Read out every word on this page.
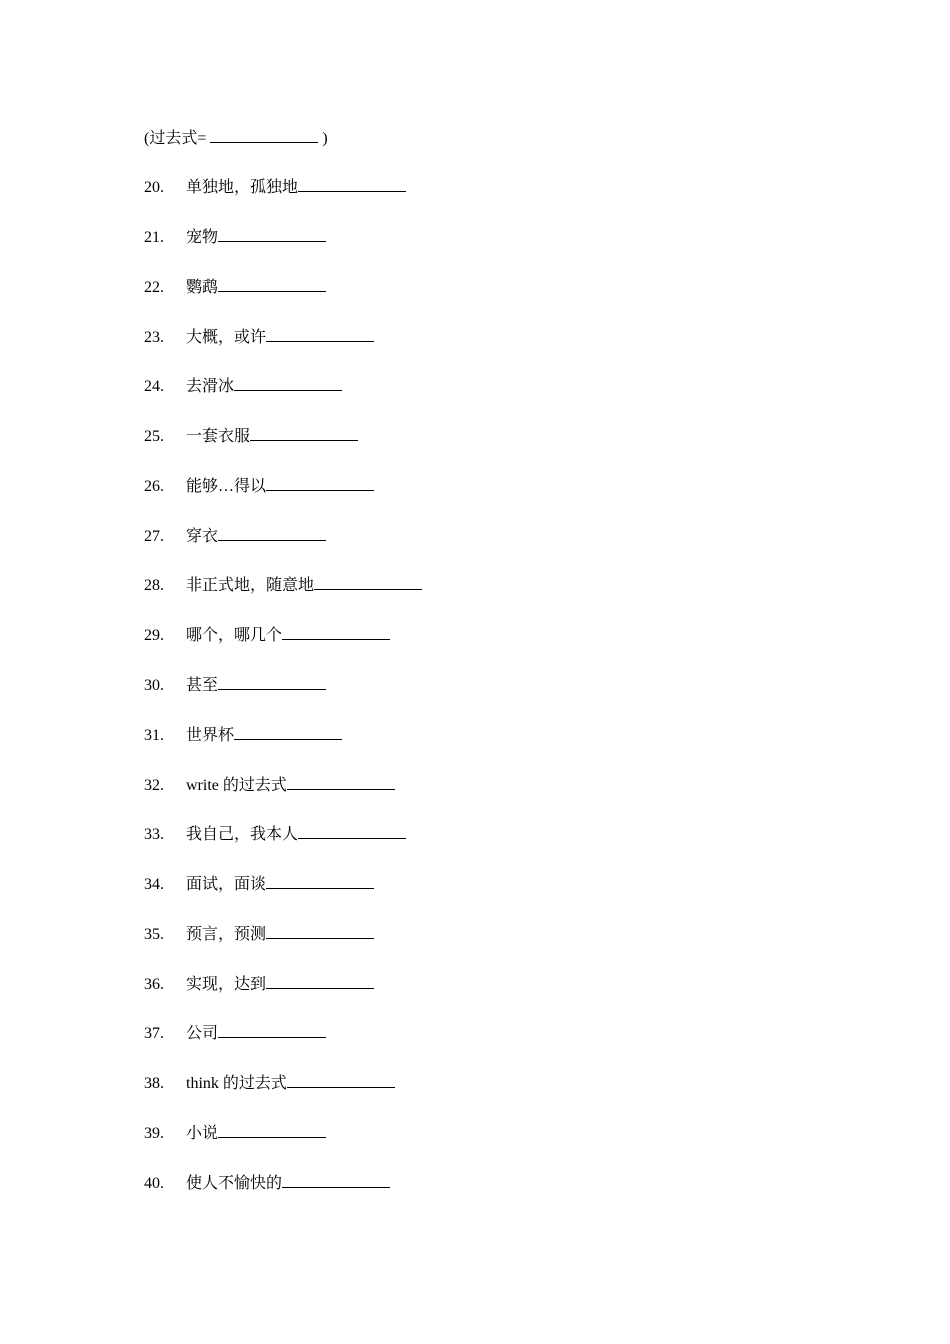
(过去式=	)
20. 单独地，孤独地
21. 宠物
22. 鹦鹉
23. 大概，或许
24. 去滑冰
25. 一套衣服
26. 能够…得以
27. 穿衣
28. 非正式地，随意地
29. 哪个，哪几个
30. 甚至
31. 世界杯
32. write 的过去式
33. 我自己，我本人
34. 面试，面谈
35. 预言，预测
36. 实现，达到
37. 公司
38. think 的过去式
39. 小说
40. 使人不愉快的
